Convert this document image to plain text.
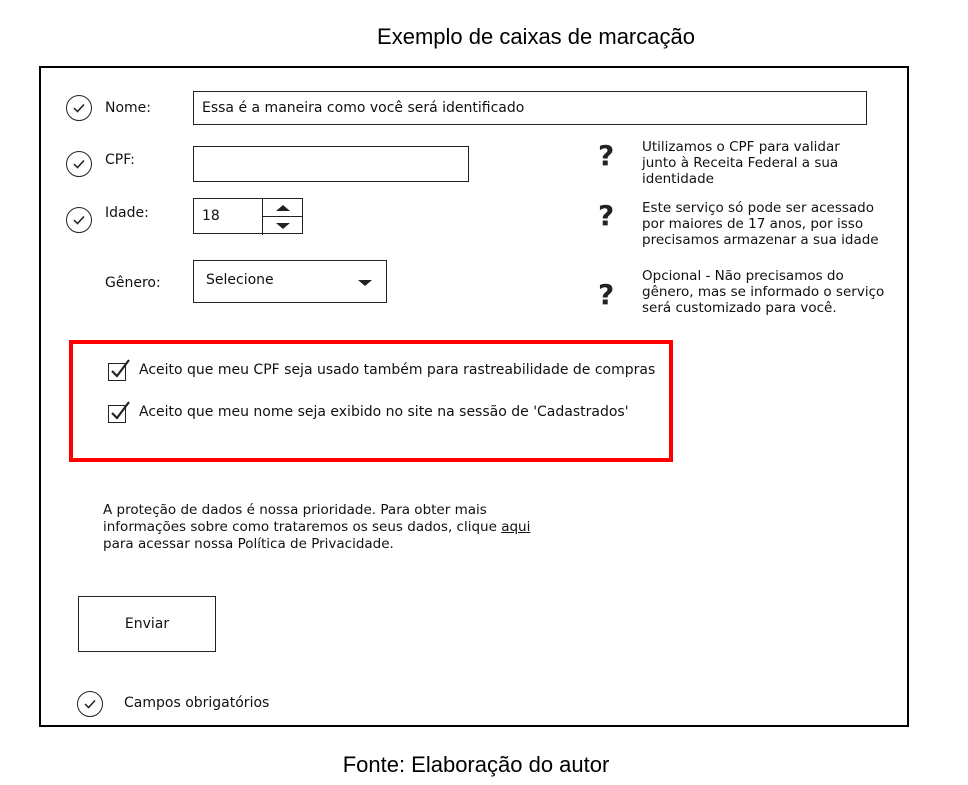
Exemplo de caixas de marcação
Nome:	Essa é a maneira como você será identificado
CPF:
Idade:	18
Gênero:	Selecione
? Utilizamos o CPF para validar junto à Receita Federal a sua identidade
? Este serviço só pode ser acessado por maiores de 17 anos, por isso precisamos armazenar a sua idade
?
Opcional - Não precisamos do gênero, mas se informado o serviço será customizado para você.
Aceito que meu CPF seja usado também para rastreabilidade de compras
Aceito que meu nome seja exibido no site na sessão de 'Cadastrados'
A proteção de dados é nossa prioridade. Para obter mais informações sobre como trataremos os seus dados, clique aqui para acessar nossa Política de Privacidade.
Enviar
Campos obrigatórios
Fonte: Elaboração do autor
